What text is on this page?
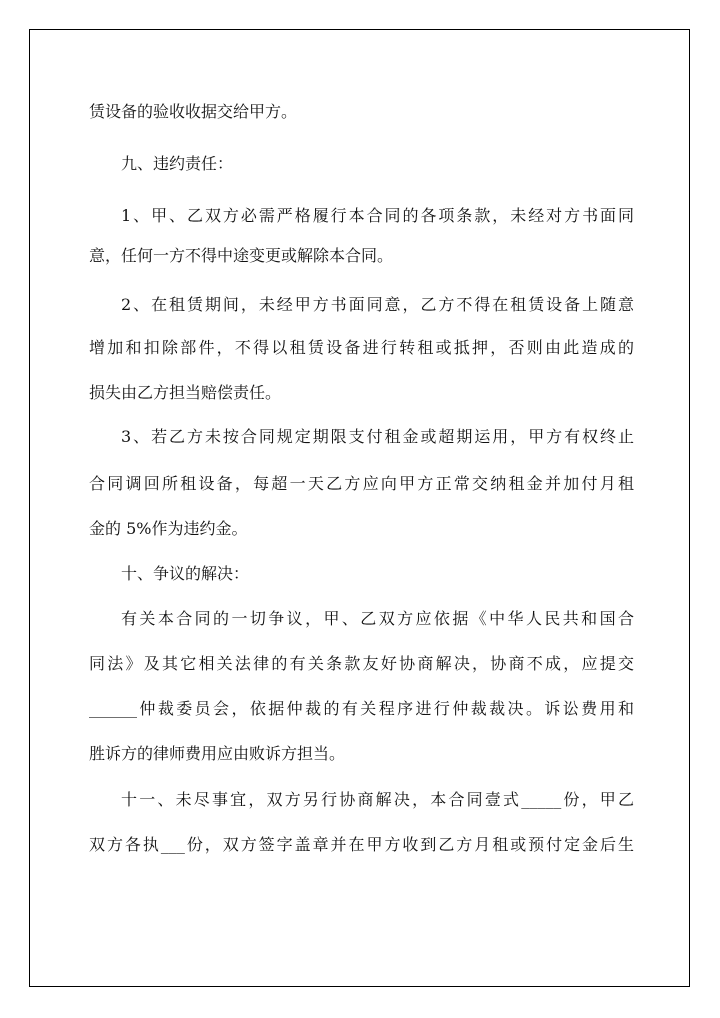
赁设备的验收收据交给甲方。
九、违约责任：
1、甲、乙双方必需严格履行本合同的各项条款，未经对方书面同
意，任何一方不得中途变更或解除本合同。
2、在租赁期间，未经甲方书面同意，乙方不得在租赁设备上随意
增加和扣除部件，不得以租赁设备进行转租或抵押，否则由此造成的
损失由乙方担当赔偿责任。
3、若乙方未按合同规定期限支付租金或超期运用，甲方有权终止
合同调回所租设备，每超一天乙方应向甲方正常交纳租金并加付月租
金的 5%作为违约金。
十、争议的解决：
有关本合同的一切争议，甲、乙双方应依据《中华人民共和国合
同法》及其它相关法律的有关条款友好协商解决，协商不成，应提交
______仲裁委员会，依据仲裁的有关程序进行仲裁裁决。诉讼费用和
胜诉方的律师费用应由败诉方担当。
十一、未尽事宜，双方另行协商解决，本合同壹式_____份，甲乙
双方各执___份，双方签字盖章并在甲方收到乙方月租或预付定金后生
